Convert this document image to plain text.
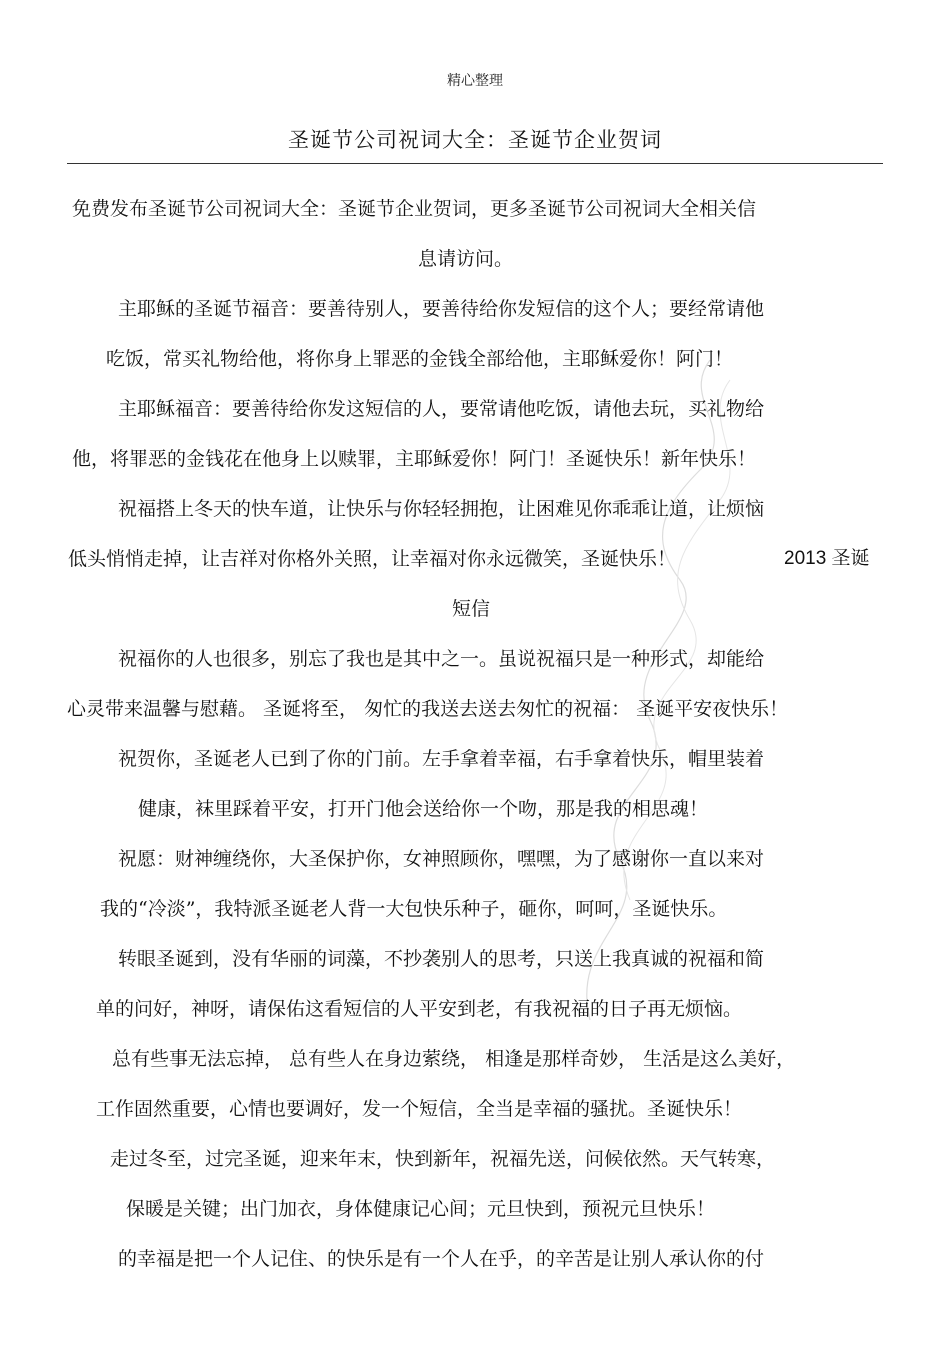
精心整理
圣诞节公司祝词大全：圣诞节企业贺词
免费发布圣诞节公司祝词大全：圣诞节企业贺词，更多圣诞节公司祝词大全相关信
息请访问。
主耶稣的圣诞节福音：要善待别人，要善待给你发短信的这个人；要经常请他
吃饭，常买礼物给他，将你身上罪恶的金钱全部给他，主耶稣爱你！阿门！
主耶稣福音：要善待给你发这短信的人，要常请他吃饭，请他去玩，买礼物给
他，将罪恶的金钱花在他身上以赎罪，主耶稣爱你！阿门！圣诞快乐！新年快乐！
祝福搭上冬天的快车道，让快乐与你轻轻拥抱，让困难见你乖乖让道，让烦恼
低头悄悄走掉，让吉祥对你格外关照，让幸福对你永远微笑，圣诞快乐！	2013 圣诞
短信
祝福你的人也很多，别忘了我也是其中之一。虽说祝福只是一种形式，却能给
心灵带来温馨与慰藉。 圣诞将至， 匆忙的我送去送去匆忙的祝福： 圣诞平安夜快乐！
祝贺你，圣诞老人已到了你的门前。左手拿着幸福，右手拿着快乐，帽里装着
健康，袜里踩着平安，打开门他会送给你一个吻，那是我的相思魂！
祝愿：财神缠绕你，大圣保护你，女神照顾你，嘿嘿，为了感谢你一直以来对
我的“冷淡”，我特派圣诞老人背一大包快乐种子，砸你，呵呵，圣诞快乐。
转眼圣诞到，没有华丽的词藻，不抄袭别人的思考，只送上我真诚的祝福和简
单的问好，神呀，请保佑这看短信的人平安到老，有我祝福的日子再无烦恼。
总有些事无法忘掉， 总有些人在身边萦绕， 相逢是那样奇妙， 生活是这么美好，
工作固然重要，心情也要调好，发一个短信，全当是幸福的骚扰。圣诞快乐！
走过冬至，过完圣诞，迎来年末，快到新年，祝福先送，问候依然。天气转寒，
保暖是关键；出门加衣，身体健康记心间；元旦快到，预祝元旦快乐！
的幸福是把一个人记住、的快乐是有一个人在乎，的辛苦是让别人承认你的付
